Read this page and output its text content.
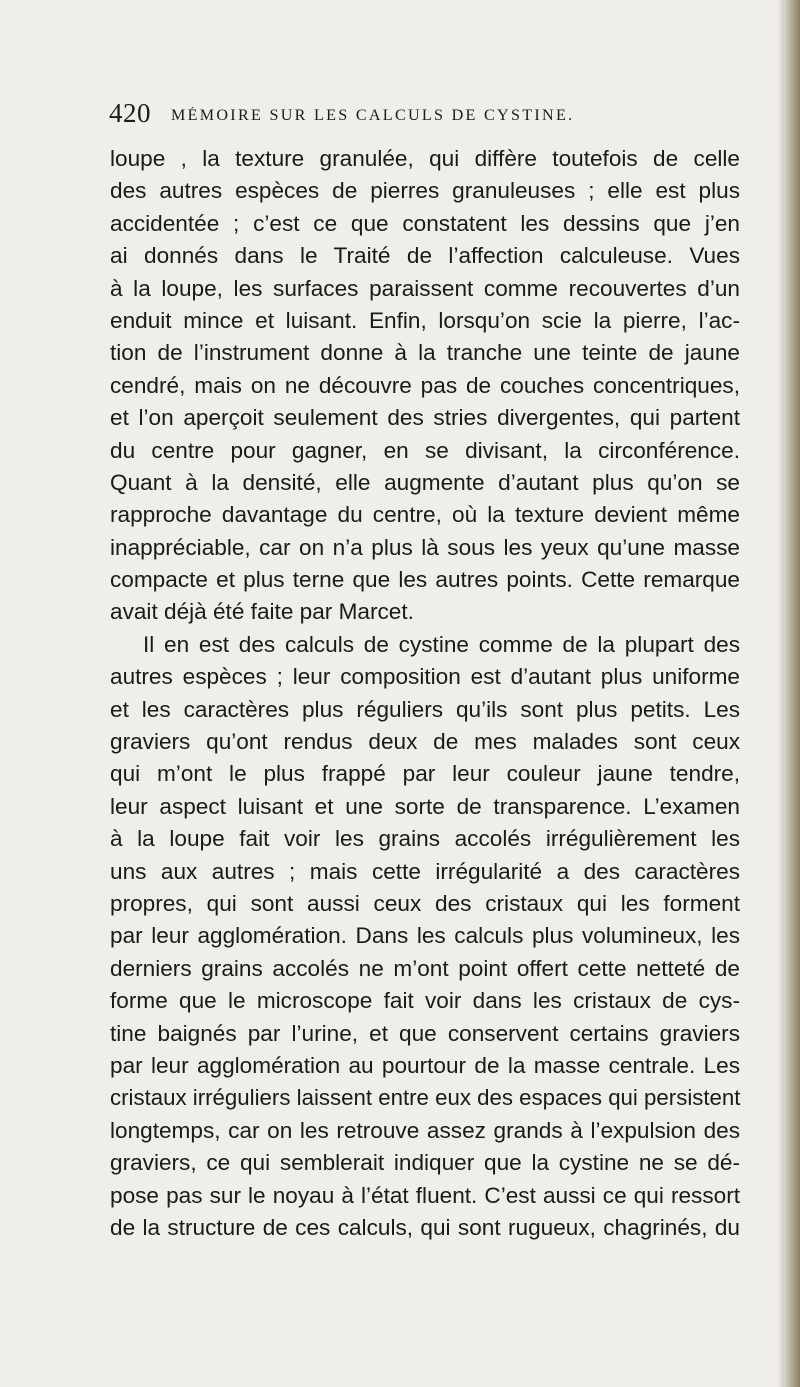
420 MÉMOIRE SUR LES CALCULS DE CYSTINE.
loupe , la texture granulée, qui diffère toutefois de celle
des autres espèces de pierres granuleuses ; elle est plus
accidentée ; c’est ce que constatent les dessins que j’en
ai donnés dans le Traité de l’affection calculeuse. Vues
à la loupe, les surfaces paraissent comme recouvertes d’un
enduit mince et luisant. Enfin, lorsqu’on scie la pierre, l’ac-
tion de l’instrument donne à la tranche une teinte de jaune
cendré, mais on ne découvre pas de couches concentriques,
et l’on aperçoit seulement des stries divergentes, qui partent
du centre pour gagner, en se divisant, la circonférence.
Quant à la densité, elle augmente d’autant plus qu’on se
rapproche davantage du centre, où la texture devient même
inappréciable, car on n’a plus là sous les yeux qu’une masse
compacte et plus terne que les autres points. Cette remarque
avait déjà été faite par Marcet.
Il en est des calculs de cystine comme de la plupart des
autres espèces ; leur composition est d’autant plus uniforme
et les caractères plus réguliers qu’ils sont plus petits. Les
graviers qu’ont rendus deux de mes malades sont ceux
qui m’ont le plus frappé par leur couleur jaune tendre,
leur aspect luisant et une sorte de transparence. L’examen
à la loupe fait voir les grains accolés irrégulièrement les
uns aux autres ; mais cette irrégularité a des caractères
propres, qui sont aussi ceux des cristaux qui les forment
par leur agglomération. Dans les calculs plus volumineux, les
derniers grains accolés ne m’ont point offert cette netteté de
forme que le microscope fait voir dans les cristaux de cys-
tine baignés par l’urine, et que conservent certains graviers
par leur agglomération au pourtour de la masse centrale. Les
cristaux irréguliers laissent entre eux des espaces qui persistent
longtemps, car on les retrouve assez grands à l’expulsion des
graviers, ce qui semblerait indiquer que la cystine ne se dé-
pose pas sur le noyau à l’état fluent. C’est aussi ce qui ressort
de la structure de ces calculs, qui sont rugueux, chagrinés, du
